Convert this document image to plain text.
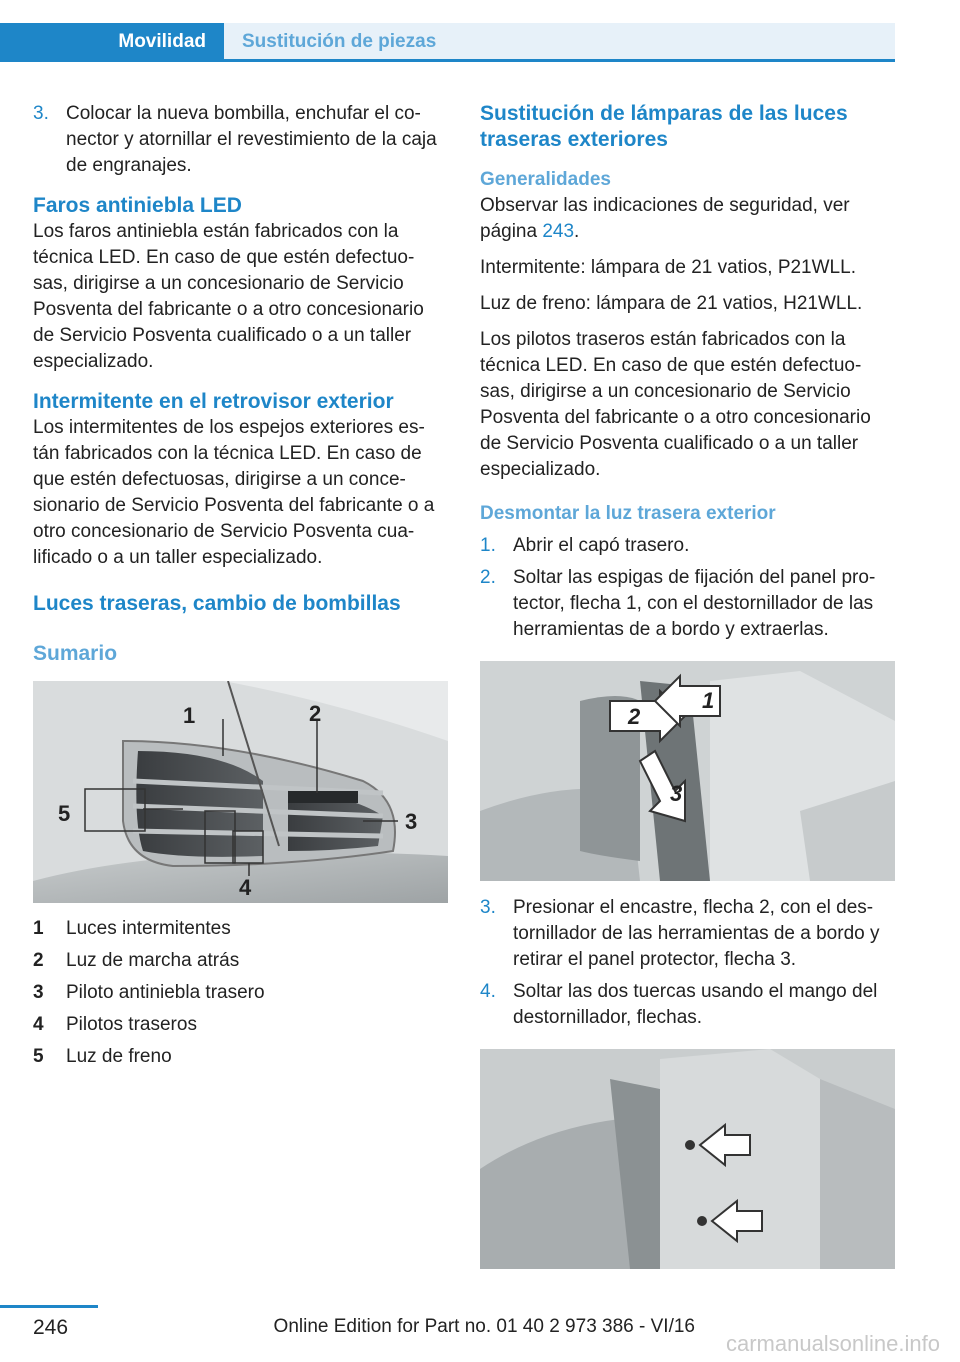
Movilidad Sustitución de piezas
3. Colocar la nueva bombilla, enchufar el co-nector y atornillar el revestimiento de la caja de engranajes.
Faros antiniebla LED

Los faros antiniebla están fabricados con la técnica LED. En caso de que estén defectuo-sas, dirigirse a un concesionario de Servicio Posventa del fabricante o a otro concesionario de Servicio Posventa cualificado o a un taller especializado.

Intermitente en el retrovisor exterior

Los intermitentes de los espejos exteriores es-tán fabricados con la técnica LED. En caso de que estén defectuosas, dirigirse a un conce-sionario de Servicio Posventa del fabricante o a otro concesionario de Servicio Posventa cua-lificado o a un taller especializado.

Luces traseras, cambio de bombillas
Sumario
1	2
3
4
5
1	Luces intermitentes
2	Luz de marcha atrás
3	Piloto antiniebla trasero
4	Pilotos traseros
5	Luz de freno
Sustitución de lámparas de las luces traseras exteriores
Generalidades

Observar las indicaciones de seguridad, ver página 243.

Intermitente: lámpara de 21 vatios, P21WLL.

Luz de freno: lámpara de 21 vatios, H21WLL.

Los pilotos traseros están fabricados con la técnica LED. En caso de que estén defectuo-sas, dirigirse a un concesionario de Servicio Posventa del fabricante o a otro concesionario de Servicio Posventa cualificado o a un taller especializado.

Desmontar la luz trasera exterior
1. Abrir el capó trasero.
2. Soltar las espigas de fijación del panel pro-tector, flecha 1, con el destornillador de las herramientas de a bordo y extraerlas.
2
1
3
3. Presionar el encastre, flecha 2, con el des-tornillador de las herramientas de a bordo y retirar el panel protector, flecha 3.
4. Soltar las dos tuercas usando el mango del destornillador, flechas.
246	Online Edition for Part no. 01 40 2 973 386 - VI/16
carmanualsonline.info
